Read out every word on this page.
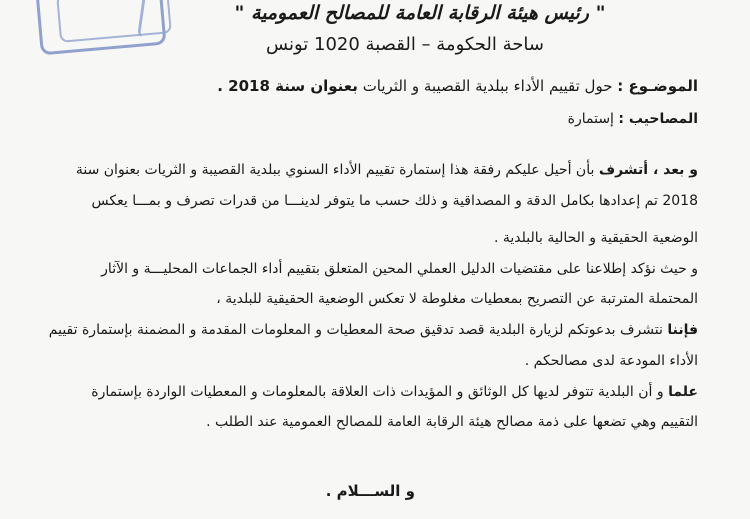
" رئيس هيئة الرقابة العامة للمصالح العمومية "
ساحة الحكومة – القصبة 1020 تونس
الموضـوع : حول تقييم الأداء ببلدية القصيبة و الثريات بعنوان سنة 2018 .
المصاحيب : إستمارة

و بعد ، أتشرف بأن أحيل عليكم رفقة هذا إستمارة تقييم الأداء السنوي ببلدية القصيبة و الثريات بعنوان سنة

2018 تم إعدادها بكامل الدقة و المصداقية و ذلك حسب ما يتوفر لدينـــا من قدرات تصرف و بمـــا يعكس

الوضعية الحقيقية و الحالية بالبلدية .

و حيث نؤكد إطلاعنا على مقتضيات الدليل العملي المحين المتعلق بتقييم أداء الجماعات المحليـــة و الآثار

المحتملة المترتبة عن التصريح بمعطيات مغلوطة لا تعكس الوضعية الحقيقية للبلدية ،

فإننا نتشرف بدعوتكم لزيارة البلدية قصد تدقيق صحة المعطيات و المعلومات المقدمة و المضمنة بإستمارة تقييم

الأداء المودعة لدى مصالحكم .

علما و أن البلدية تتوفر لديها كل الوثائق و المؤيدات ذات العلاقة بالمعلومات و المعطيات الواردة بإستمارة

التقييم وهي تضعها على ذمة مصالح هيئة الرقابة العامة للمصالح العمومية عند الطلب .

و الســـلام .
